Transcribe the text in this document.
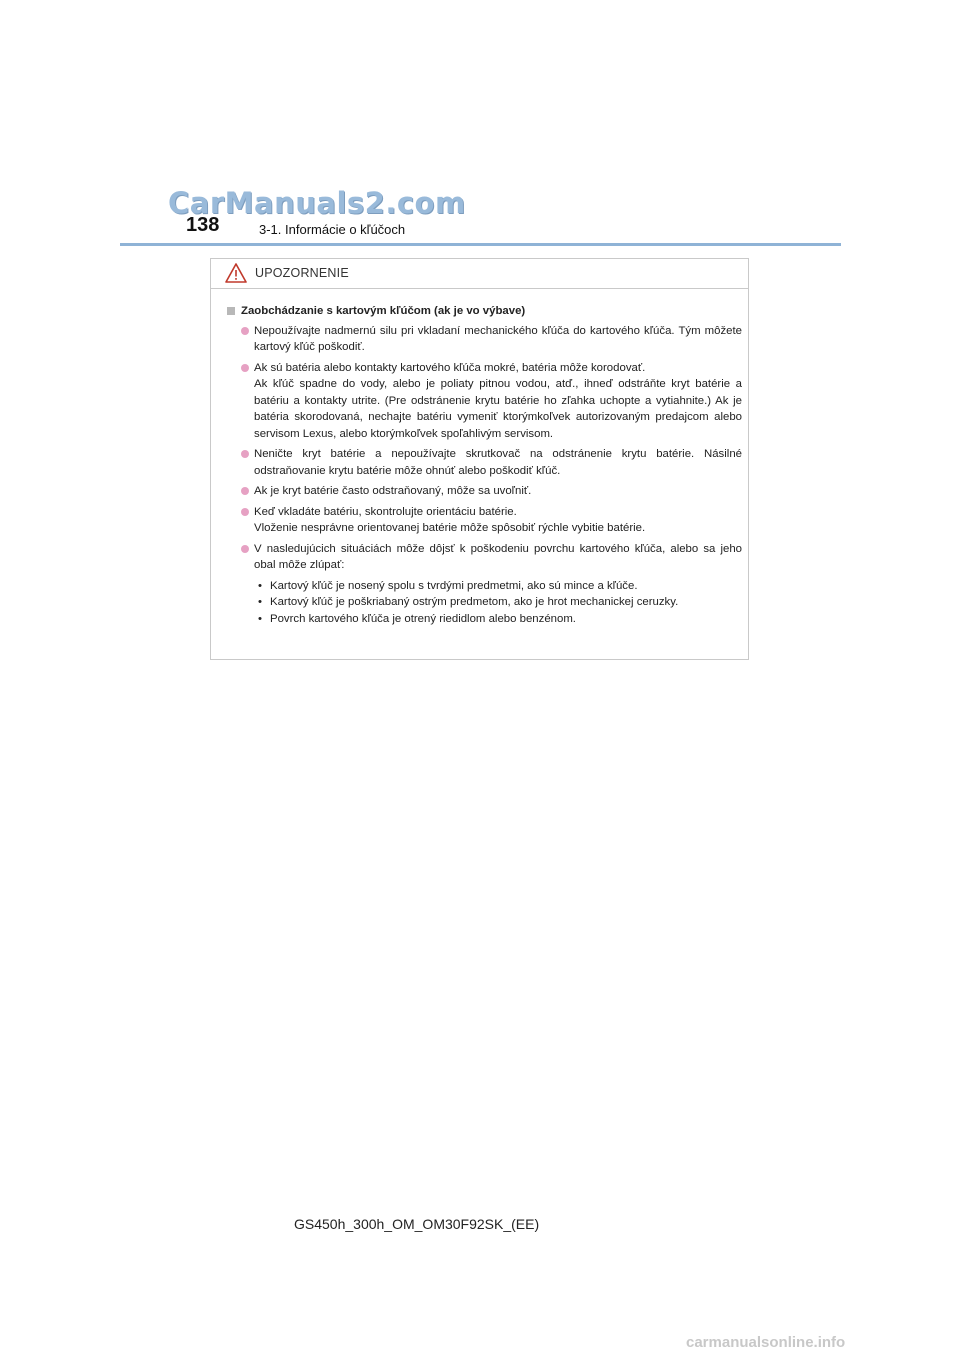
CarManuals2.com
138	3-1. Informácie o kľúčoch
UPOZORNENIE
Zaobchádzanie s kartovým kľúčom (ak je vo výbave)

Nepoužívajte nadmernú silu pri vkladaní mechanického kľúča do kartového kľúča. Tým môžete kartový kľúč poškodiť.

Ak sú batéria alebo kontakty kartového kľúča mokré, batéria môže korodovať.

Ak kľúč spadne do vody, alebo je poliaty pitnou vodou, atď., ihneď odstráňte kryt batérie a batériu a kontakty utrite. (Pre odstránenie krytu batérie ho zľahka uchopte a vytiahnite.) Ak je batéria skorodovaná, nechajte batériu vymeniť ktorýmkoľvek autorizovaným predajcom alebo servisom Lexus, alebo ktorýmkoľvek spoľahlivým servisom.

Neničte kryt batérie a nepoužívajte skrutkovač na odstránenie krytu batérie. Násilné odstraňovanie krytu batérie môže ohnúť alebo poškodiť kľúč.

Ak je kryt batérie často odstraňovaný, môže sa uvoľniť.

Keď vkladáte batériu, skontrolujte orientáciu batérie.

Vloženie nesprávne orientovanej batérie môže spôsobiť rýchle vybitie batérie.

V nasledujúcich situáciách môže dôjsť k poškodeniu povrchu kartového kľúča, alebo sa jeho obal môže zlúpať:

• Kartový kľúč je nosený spolu s tvrdými predmetmi, ako sú mince a kľúče.
• Kartový kľúč je poškriabaný ostrým predmetom, ako je hrot mechanickej ceruzky.
• Povrch kartového kľúča je otrený riedidlom alebo benzénom.
GS450h_300h_OM_OM30F92SK_(EE)
carmanualsonline.info
